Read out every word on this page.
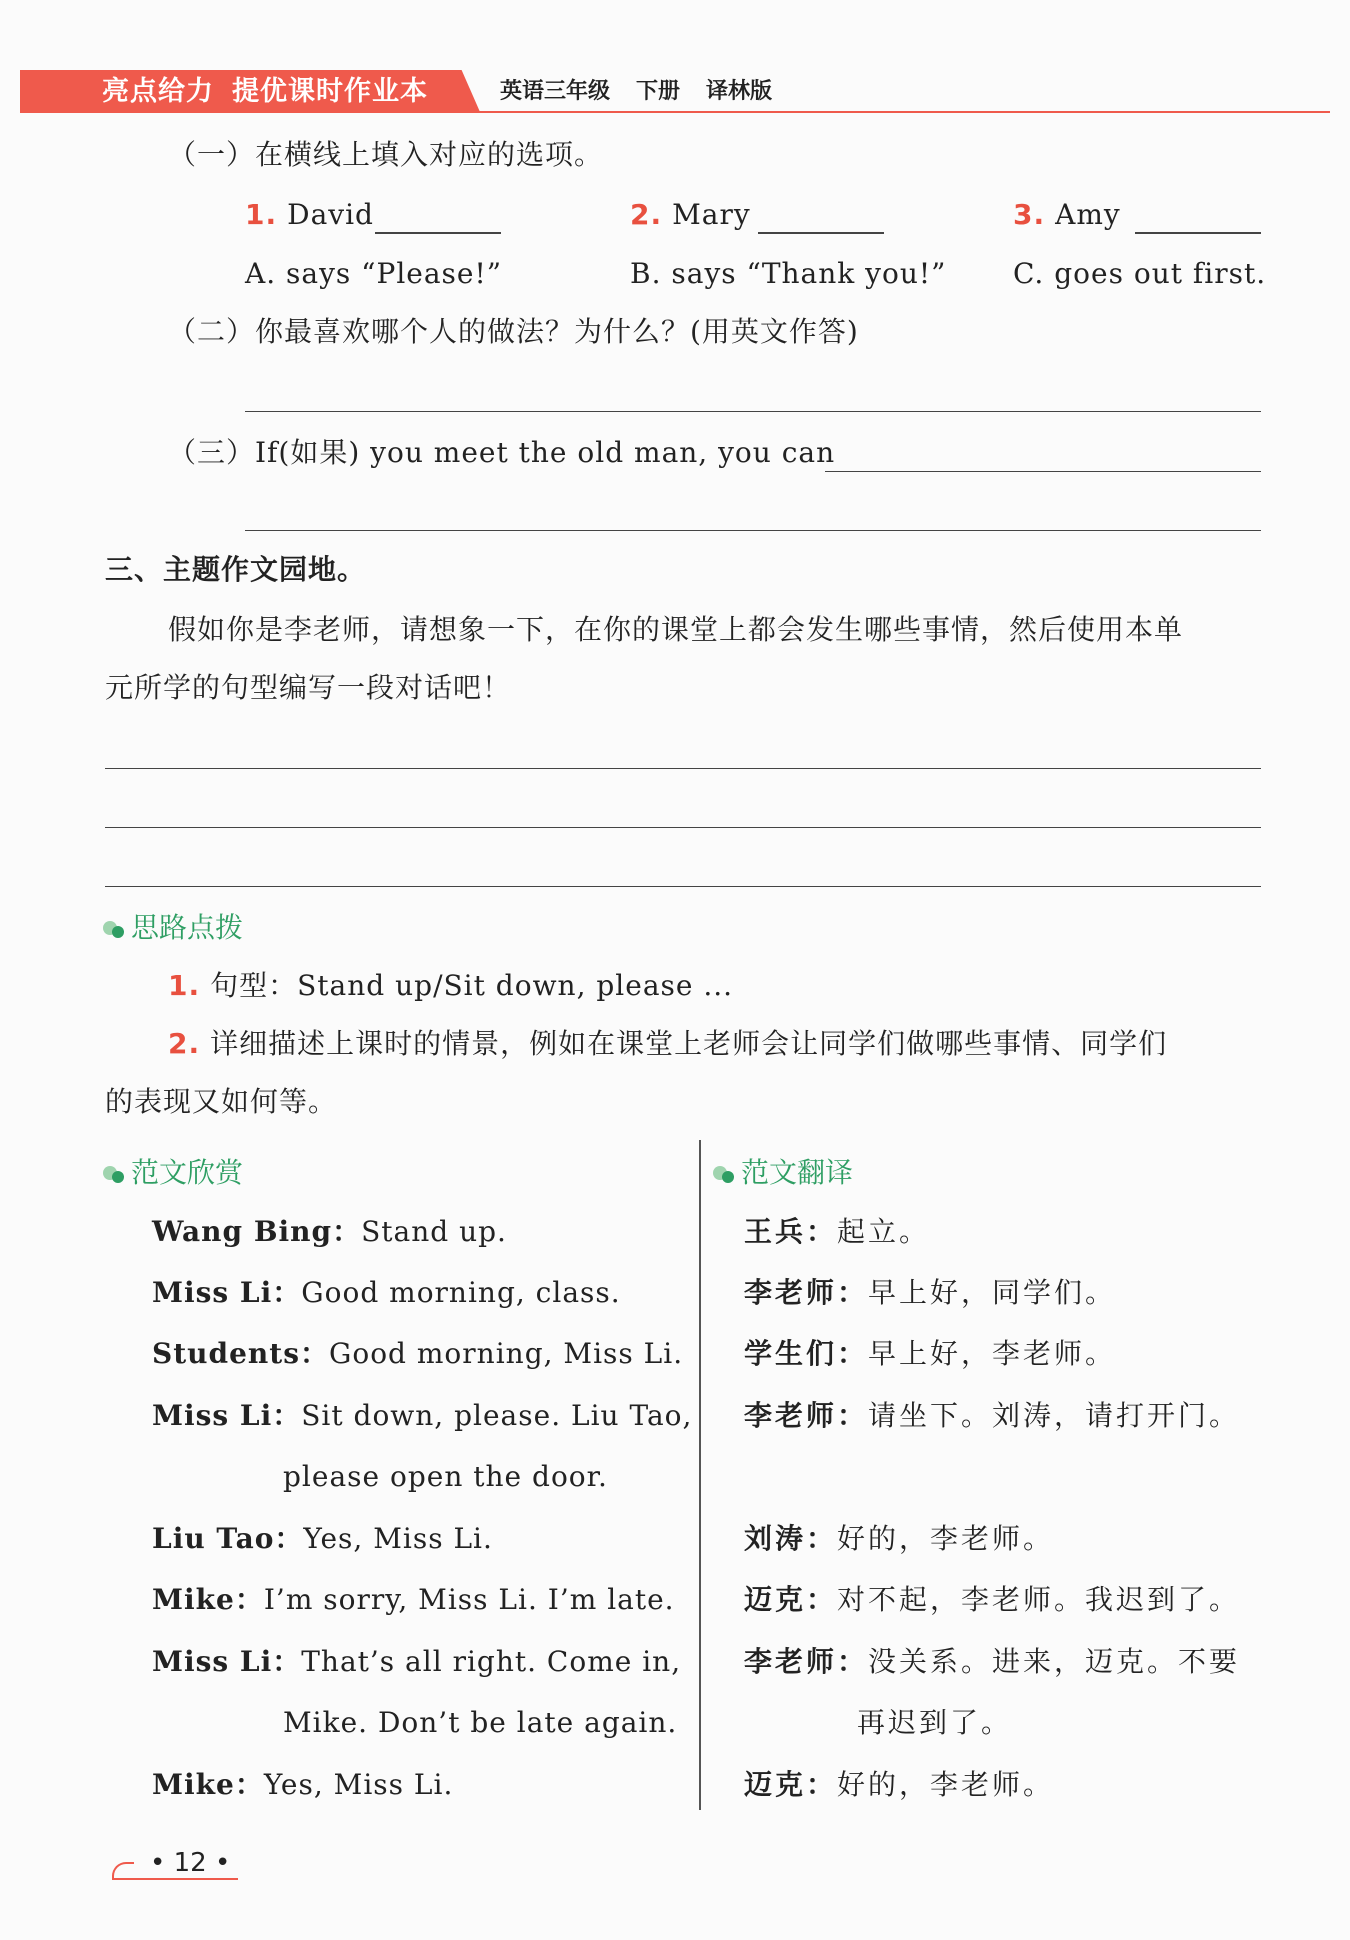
亮点给力 提优课时作业本	英语三年级 下册 译林版
（一）在横线上填入对应的选项。
1. David	2. Mary	3. Amy
A. says “Please!”	B. says “Thank you!” C. goes out first.
（二）你最喜欢哪个人的做法？为什么？(用英文作答)
（三）If(如果) you meet the old man, you can
三、主题作文园地。
假如你是李老师，请想象一下，在你的课堂上都会发生哪些事情，然后使用本单
元所学的句型编写一段对话吧！
思路点拨
1. 句型：Stand up/Sit down, please ...
2. 详细描述上课时的情景，例如在课堂上老师会让同学们做哪些事情、同学们
的表现又如何等。
范文欣赏
Wang Bing：Stand up.
Miss Li：Good morning, class.
Students：Good morning, Miss Li.
Miss Li：Sit down, please. Liu Tao,
please open the door.
Liu Tao：Yes, Miss Li.
Mike：I’m sorry, Miss Li. I’m late.
Miss Li：That’s all right. Come in,
Mike. Don’t be late again.
Mike：Yes, Miss Li.
范文翻译
王兵：起立。
李老师：早上好，同学们。
学生们：早上好，李老师。
李老师：请坐下。刘涛，请打开门。
刘涛：好的，李老师。
迈克：对不起，李老师。我迟到了。
李老师：没关系。进来，迈克。不要
再迟到了。
迈克：好的，李老师。
• 12 •
